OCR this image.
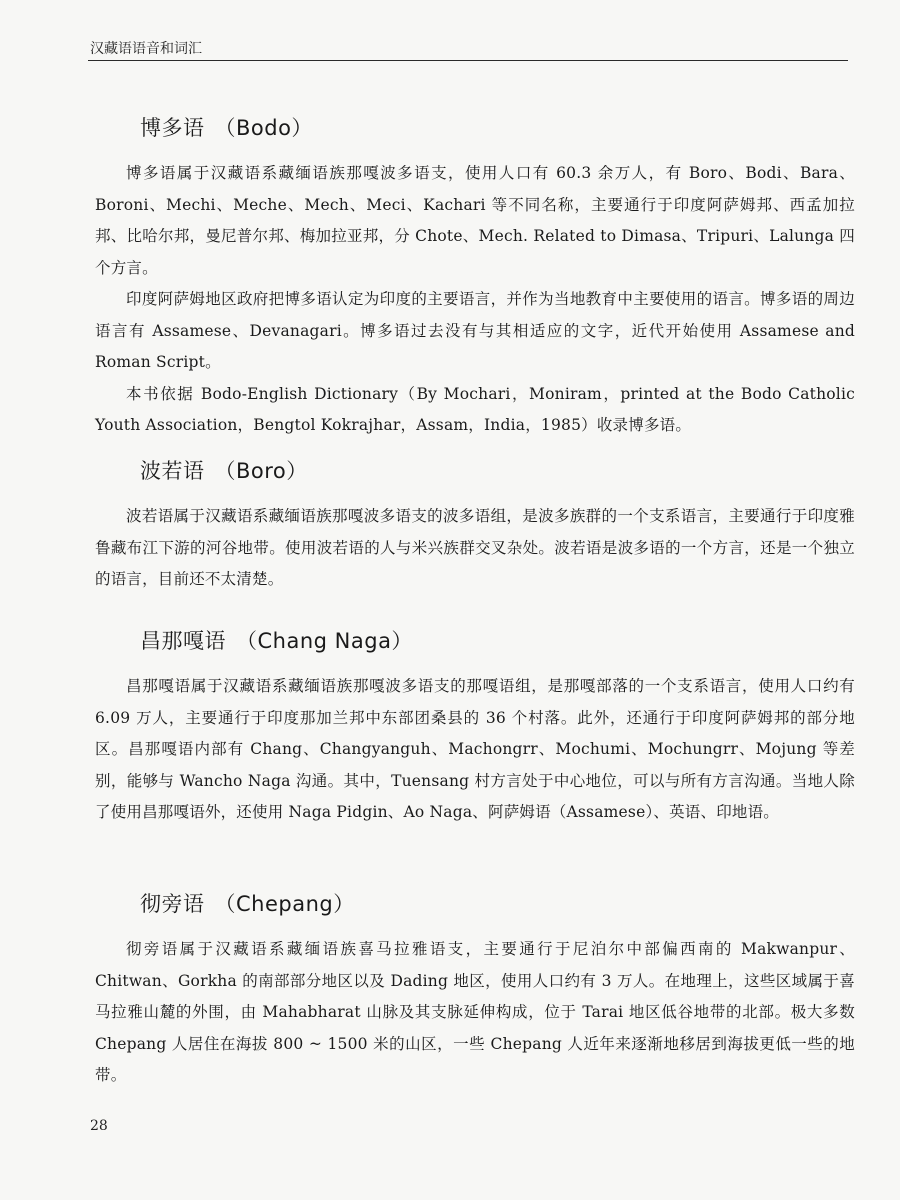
汉藏语语音和词汇
博多语 （Bodo）

博多语属于汉藏语系藏缅语族那嘎波多语支，使用人口有 60.3 余万人，有 Boro、Bodi、Bara、Boroni、Mechi、Meche、Mech、Meci、Kachari 等不同名称，主要通行于印度阿萨姆邦、西孟加拉邦、比哈尔邦，曼尼普尔邦、梅加拉亚邦，分 Chote、Mech. Related to Dimasa、Tripuri、Lalunga 四个方言。

印度阿萨姆地区政府把博多语认定为印度的主要语言，并作为当地教育中主要使用的语言。博多语的周边语言有 Assamese、Devanagari。博多语过去没有与其相适应的文字，近代开始使用 Assamese and Roman Script。

本书依据 Bodo-English Dictionary（By Mochari，Moniram，printed at the Bodo Catholic Youth Association，Bengtol Kokrajhar，Assam，India，1985）收录博多语。

波若语 （Boro）

波若语属于汉藏语系藏缅语族那嘎波多语支的波多语组，是波多族群的一个支系语言，主要通行于印度雅鲁藏布江下游的河谷地带。使用波若语的人与米兴族群交叉杂处。波若语是波多语的一个方言，还是一个独立的语言，目前还不太清楚。

昌那嘎语 （Chang Naga）

昌那嘎语属于汉藏语系藏缅语族那嘎波多语支的那嘎语组，是那嘎部落的一个支系语言，使用人口约有 6.09 万人，主要通行于印度那加兰邦中东部团桑县的 36 个村落。此外，还通行于印度阿萨姆邦的部分地区。昌那嘎语内部有 Chang、Changyanguh、Machongrr、Mochumi、Mochungrr、Mojung 等差别，能够与 Wancho Naga 沟通。其中，Tuensang 村方言处于中心地位，可以与所有方言沟通。当地人除了使用昌那嘎语外，还使用 Naga Pidgin、Ao Naga、阿萨姆语（Assamese）、英语、印地语。

彻旁语 （Chepang）

彻旁语属于汉藏语系藏缅语族喜马拉雅语支，主要通行于尼泊尔中部偏西南的 Makwanpur、Chitwan、Gorkha 的南部部分地区以及 Dading 地区，使用人口约有 3 万人。在地理上，这些区域属于喜马拉雅山麓的外围，由 Mahabharat 山脉及其支脉延伸构成，位于 Tarai 地区低谷地带的北部。极大多数 Chepang 人居住在海拔 800 ~ 1500 米的山区，一些 Chepang 人近年来逐渐地移居到海拔更低一些的地带。

28
